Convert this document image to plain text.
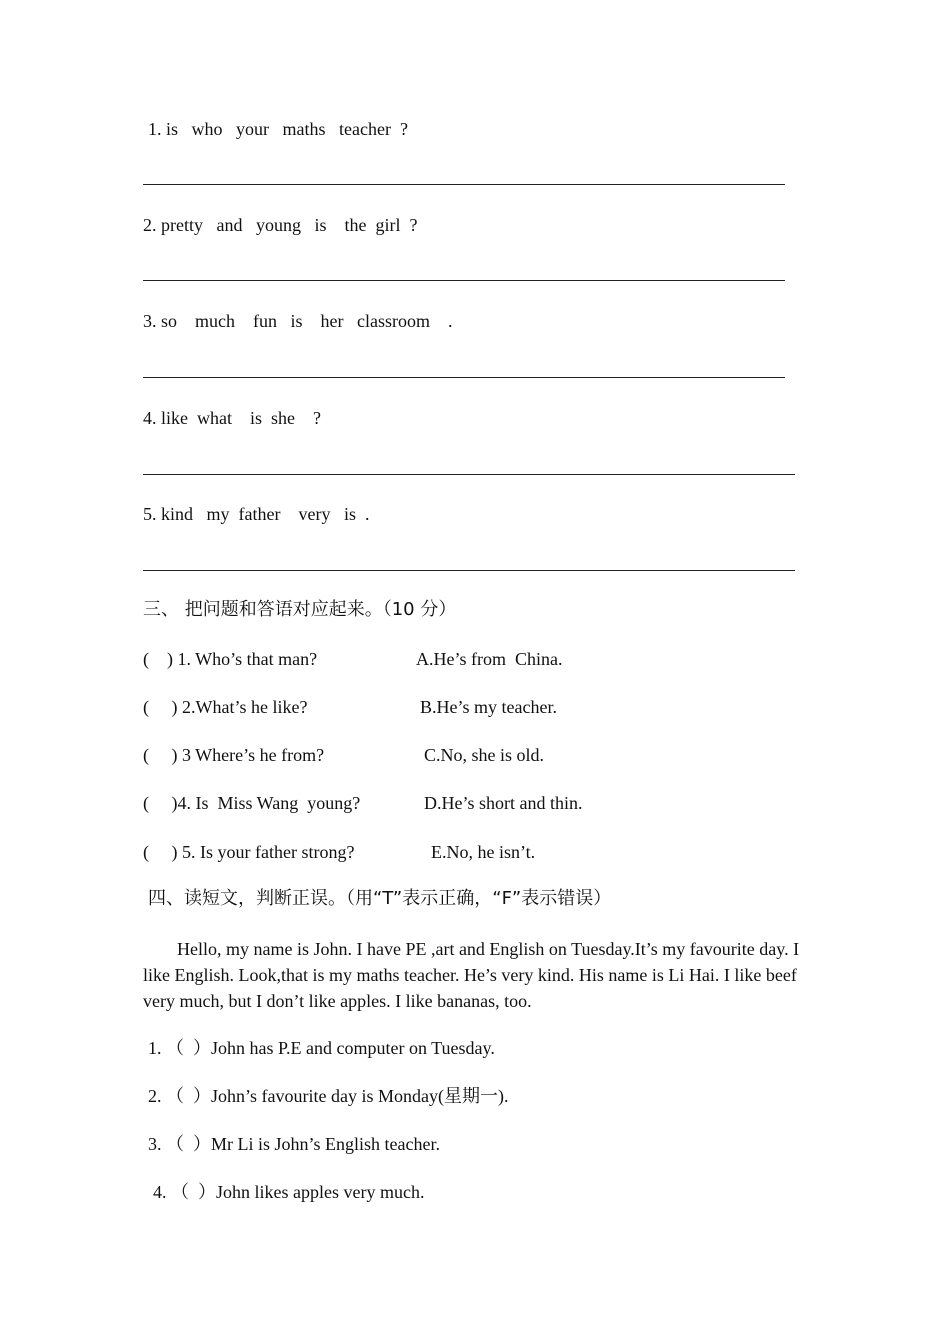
1. is   who   your   maths   teacher  ?
2. pretty   and   young   is    the  girl  ?
3. so    much    fun   is    her   classroom    .
4. like  what    is  she    ?
5. kind   my  father    very   is  .
三、 把问题和答语对应起来。（10 分）
(    ) 1. Who’s that man?	A.He’s from  China.
(     ) 2.What’s he like?	B.He’s my teacher.
(     ) 3 Where’s he from?	C.No, she is old.
(     )4. Is  Miss Wang  young?	D.He’s short and thin.
(     ) 5. Is your father strong?	E.No, he isn’t.
四、读短文，判断正误。（用“T”表示正确，“F”表示错误）
Hello, my name is John. I have PE ,art and English on Tuesday.It’s my favourite day. I like English. Look,that is my maths teacher. He’s very kind. His name is Li Hai. I like beef very much, but I don’t like apples. I like bananas, too.
1. （  ）John has P.E and computer on Tuesday.
2. （  ）John’s favourite day is Monday(星期一).
3. （  ）Mr Li is John’s English teacher.
4. （  ）John likes apples very much.
